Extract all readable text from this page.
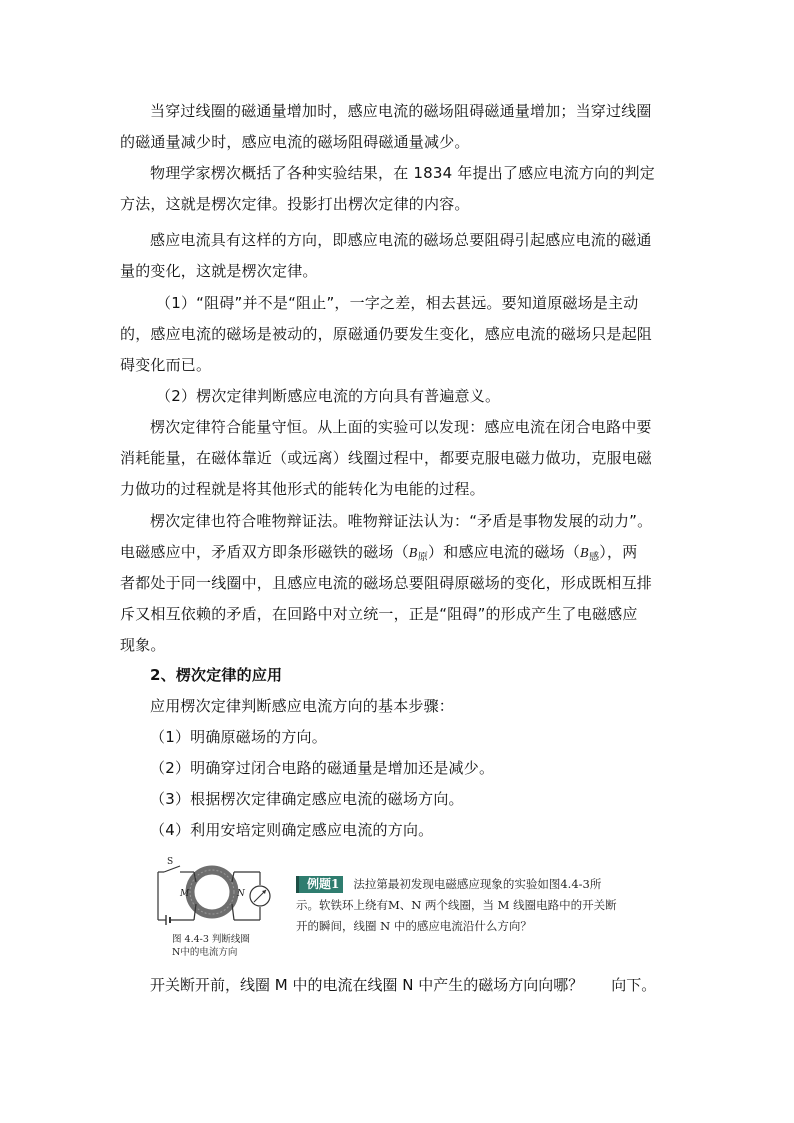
当穿过线圈的磁通量增加时，感应电流的磁场阻碍磁通量增加；当穿过线圈

的磁通量减少时，感应电流的磁场阻碍磁通量减少。

物理学家楞次概括了各种实验结果，在 1834 年提出了感应电流方向的判定

方法，这就是楞次定律。投影打出楞次定律的内容。

感应电流具有这样的方向，即感应电流的磁场总要阻碍引起感应电流的磁通

量的变化，这就是楞次定律。

（1）“阻碍”并不是“阻止”，一字之差，相去甚远。要知道原磁场是主动

的，感应电流的磁场是被动的，原磁通仍要发生变化，感应电流的磁场只是起阻

碍变化而已。

（2）楞次定律判断感应电流的方向具有普遍意义。

楞次定律符合能量守恒。从上面的实验可以发现：感应电流在闭合电路中要

消耗能量，在磁体靠近（或远离）线圈过程中，都要克服电磁力做功，克服电磁

力做功的过程就是将其他形式的能转化为电能的过程。

楞次定律也符合唯物辩证法。唯物辩证法认为：“矛盾是事物发展的动力”。

电磁感应中，矛盾双方即条形磁铁的磁场$(B_原)$和感应电流的磁场$(B_感)$，两

者都处于同一线圈中，且感应电流的磁场总要阻碍原磁场的变化，形成既相互排

斥又相互依赖的矛盾，在回路中对立统一，正是“阻碍”的形成产生了电磁感应

现象。

2、楞次定律的应用

应用楞次定律判断感应电流方向的基本步骤：

（1）明确原磁场的方向。

（2）明确穿过闭合电路的磁通量是增加还是减少。

（3）根据楞次定律确定感应电流的磁场方向。

（4）利用安培定则确定感应电流的方向。

S
M	N
图 4.4-3 判断线圈
N中的电流方向
例题1 法拉第最初发现电磁感应现象的实验如图4.4-3所
示。软铁环上绕有M、N 两个线圈，当 M 线圈电路中的开关断
开的瞬间，线圈 N 中的感应电流沿什么方向？
开关断开前，线圈 M 中的电流在线圈 N 中产生的磁场方向向哪？ 向下。
